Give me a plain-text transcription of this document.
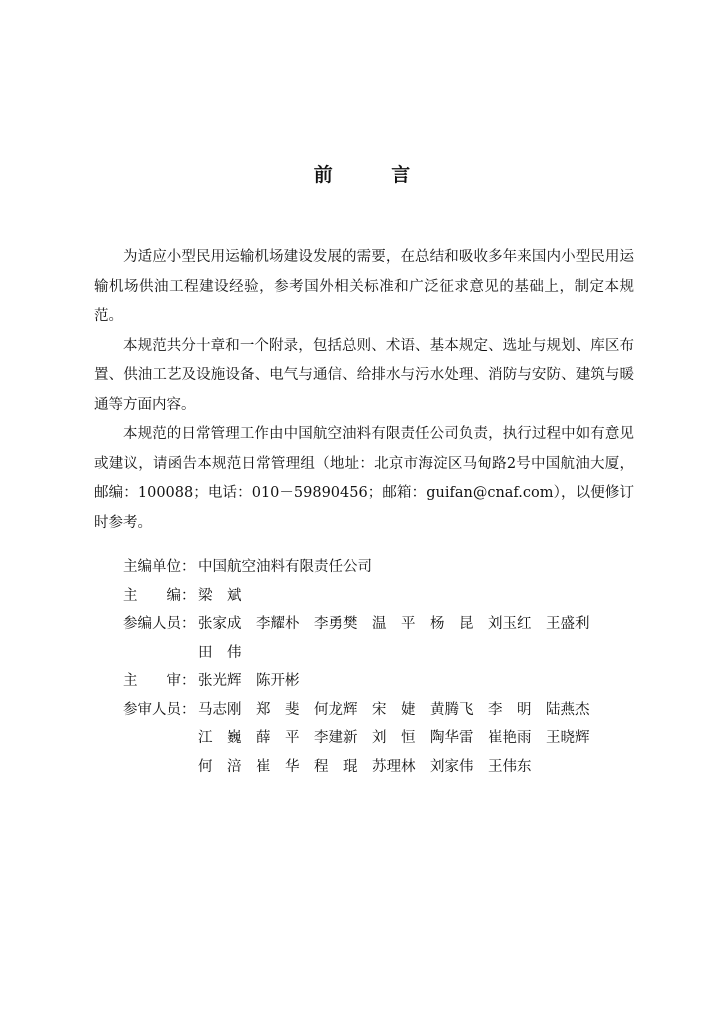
前 言

为适应小型民用运输机场建设发展的需要，在总结和吸收多年来国内小型民用运输机场供油工程建设经验，参考国外相关标准和广泛征求意见的基础上，制定本规范。

本规范共分十章和一个附录，包括总则、术语、基本规定、选址与规划、库区布置、供油工艺及设施设备、电气与通信、给排水与污水处理、消防与安防、建筑与暖通等方面内容。

本规范的日常管理工作由中国航空油料有限责任公司负责，执行过程中如有意见或建议，请函告本规范日常管理组（地址：北京市海淀区马甸路2号中国航油大厦，邮编：100088；电话：010－59890456；邮箱：guifan@cnaf.com），以便修订时参考。

主编单位： 中国航空油料有限责任公司
主　　编： 梁　斌
参编人员： 张家成	李耀朴	李勇樊	温　平	杨　昆	刘玉红	王盛利
田　伟
主　　审： 张光辉	陈开彬
参审人员： 马志刚	郑　斐	何龙辉	宋　婕	黄腾飞	李　明	陆燕杰
江　巍	薛　平	李建新	刘　恒	陶华雷	崔艳雨	王晓辉
何　涪	崔　华	程　琨	苏理林	刘家伟	王伟东
